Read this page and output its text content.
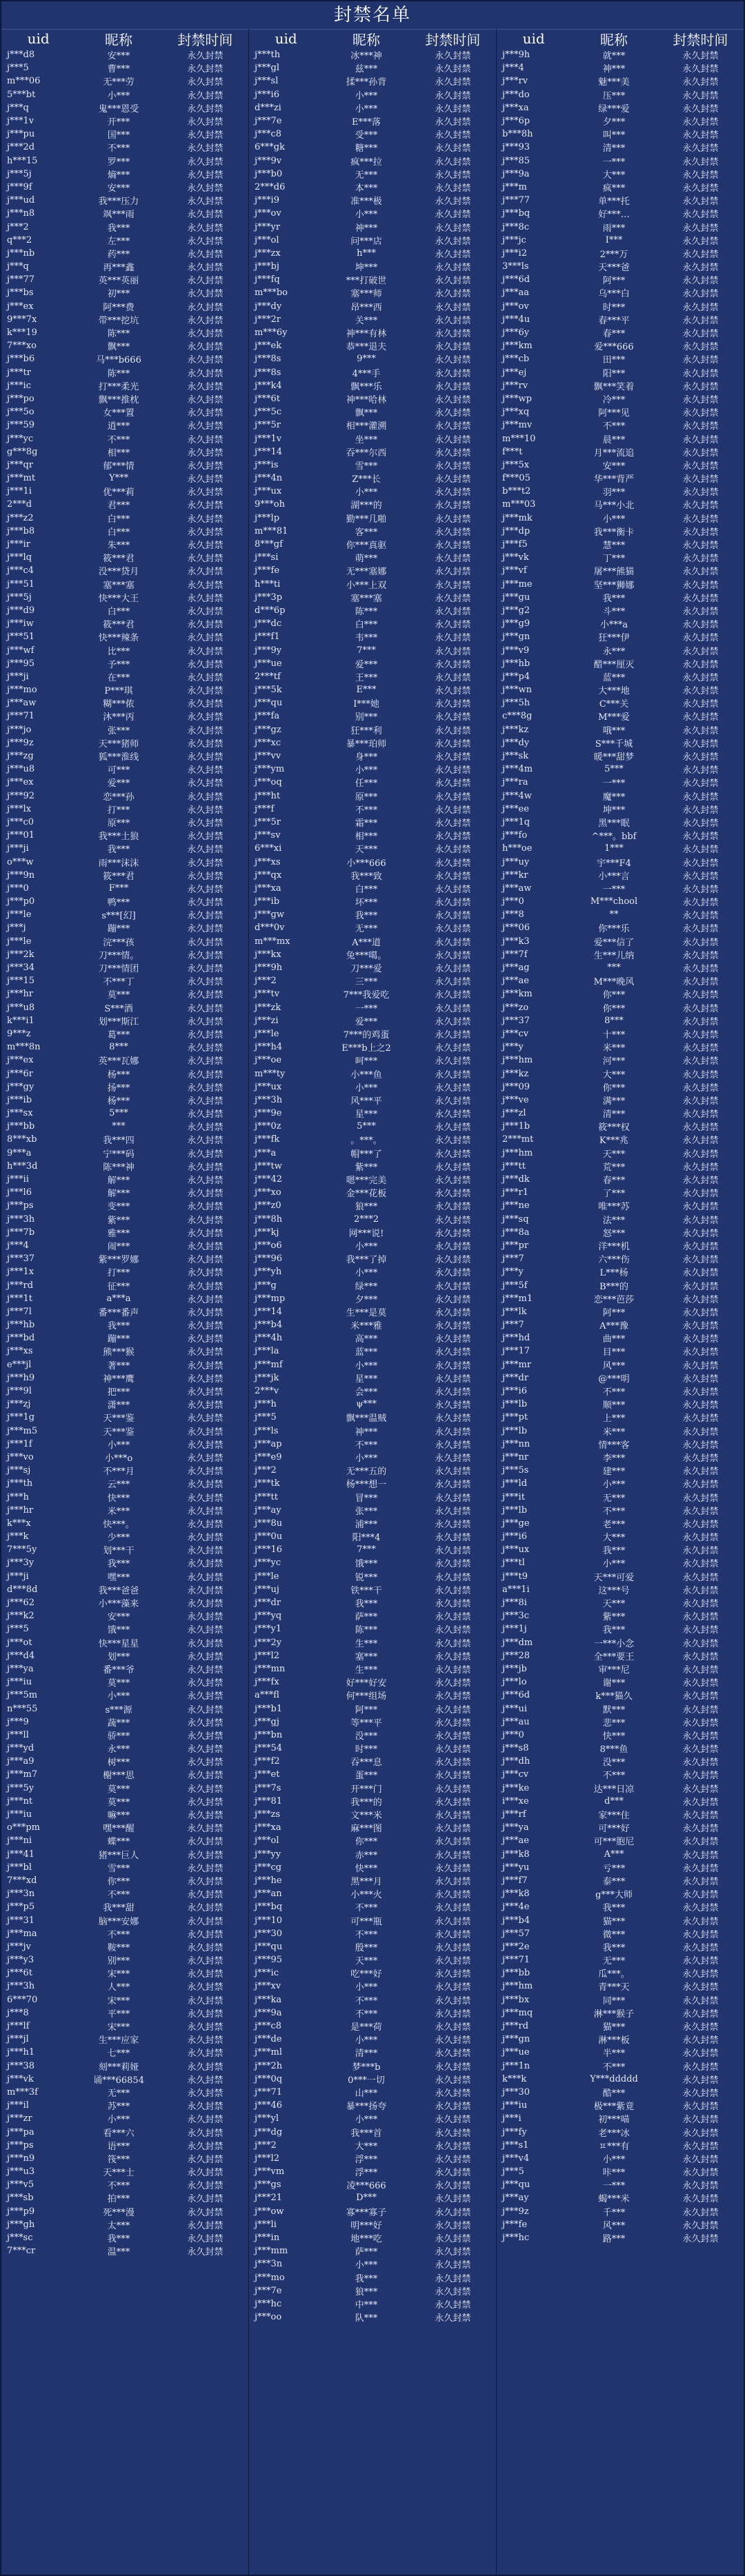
封禁名单
uid	昵称	封禁时间
j***d8	安***	永久封禁
j***5	曹***	永久封禁
m***06	无***劳	永久封禁
5***bt	小***	永久封禁
j***q	鬼***恩受	永久封禁
j***1v	开***	永久封禁
j***pu	国***	永久封禁
j***2d	不***	永久封禁
h***15	罗***	永久封禁
j***5j	熵***	永久封禁
j***9f	安***	永久封禁
j***ud	我***压力	永久封禁
j***n8	飒***雨	永久封禁
j***2	我***	永久封禁
q***2	左***	永久封禁
j***nb	药***	永久封禁
j***q	再***鑫	永久封禁
j***77	英***英丽	永久封禁
j***bs	初***	永久封禁
j***ex	阿***费	永久封禁
9***7x	带***挖坑	永久封禁
k***19	陈***	永久封禁
7***xo	飘***	永久封禁
j***b6	马***b666	永久封禁
j***tr	陈***	永久封禁
j***ic	打***柔光	永久封禁
j***po	飘***推枕	永久封禁
j***5o	女***置	永久封禁
j***59	逍***	永久封禁
j***yc	不***	永久封禁
g***8g	相***	永久封禁
j***qr	郁***情	永久封禁
j***mt	Y***	永久封禁
j***1i	优***莉	永久封禁
2***d	君***	永久封禁
j***z2	白***	永久封禁
j***b8	白***	永久封禁
j***ir	朱***	永久封禁
j***lq	筱***君	永久封禁
j***c4	没***贷月	永久封禁
j***51	塞***塞	永久封禁
j***5j	快***大王	永久封禁
j***d9	白***	永久封禁
j***iw	筱***君	永久封禁
j***51	快***辣条	永久封禁
j***wf	比***	永久封禁
j***95	予***	永久封禁
j***ji	在***	永久封禁
j***mo	P***琪	永久封禁
j***aw	糊***侬	永久封禁
j***71	沐***丙	永久封禁
j***jo	张***	永久封禁
j***9z	天***猪师	永久封禁
j***zg	狐***淮线	永久封禁
j***u8	可***	永久封禁
j***ex	爱***	永久封禁
j***92	恋***孙	永久封禁
j***lx	打***	永久封禁
j***c0	原***	永久封禁
j***01	我***土狼	永久封禁
j***ji	我***	永久封禁
o***w	雨***沫沫	永久封禁
j***9n	筱***君	永久封禁
j***0	F***	永久封禁
j***p0	鸭***	永久封禁
j***le	s***[幻]	永久封禁
j***j	蹦***	永久封禁
j***le	浣***孩	永久封禁
j***2k	刀***情。	永久封禁
j***34	刀***情团	永久封禁
j***15	不***丁	永久封禁
j***hr	莫***	永久封禁
j***u8	S***酒	永久封禁
k***i1	划***斯江	永久封禁
9***z	葛***	永久封禁
m***8n	8***	永久封禁
j***ex	英***瓦娜	永久封禁
j***6r	杨***	永久封禁
j***gy	扬***	永久封禁
j***ib	杨***	永久封禁
j***sx	5***	永久封禁
j***bb	***	永久封禁
8***xb	我***四	永久封禁
9***a	宁***码	永久封禁
h***3d	陈***神	永久封禁
j***ii	解***	永久封禁
j***l6	解***	永久封禁
j***ps	变***	永久封禁
j***3h	紫***	永久封禁
j***7b	雅***	永久封禁
j***4	闹***	永久封禁
j***37	紫***罗娜	永久封禁
j***1x	打***	永久封禁
j***rd	征***	永久封禁
j***1t	a***a	永久封禁
j***7l	番***番声	永久封禁
j***hb	我***	永久封禁
j***bd	蹦***	永久封禁
j***xs	熊***猴	永久封禁
e***jl	著***	永久封禁
j***h9	神***鹰	永久封禁
j***9l	把***	永久封禁
j***zj	潇***	永久封禁
j***1g	天***鉴	永久封禁
j***m5	天***鉴	永久封禁
j***1f	小***	永久封禁
j***vo	小***o	永久封禁
j***sj	不***月	永久封禁
j***th	云***	永久封禁
j***h	快***	永久封禁
j***hr	米***	永久封禁
k***x	快***。	永久封禁
j***k	少***	永久封禁
7***5y	划***干	永久封禁
j***3y	我***	永久封禁
j***ji	嘿***	永久封禁
d***8d	我***爸爸	永久封禁
j***62	小***藻来	永久封禁
j***k2	安***	永久封禁
j***5	饿***	永久封禁
j***ot	快***星星	永久封禁
j***d4	划***	永久封禁
j***ya	番***爷	永久封禁
j***iu	莫***	永久封禁
j***5m	小***	永久封禁
n***55	s***源	永久封禁
j***9	蔬***	永久封禁
j***ll	骄***	永久封禁
j***yd	永***	永久封禁
j***a9	树***	永久封禁
j***m7	榭***思	永久封禁
j***5y	莫***	永久封禁
j***nt	莫***	永久封禁
j***iu	嘛***	永久封禁
o***pm	嘿***醒	永久封禁
j***ni	蝶***	永久封禁
j***41	猪***巨人	永久封禁
j***bl	雪***	永久封禁
7***xd	你***	永久封禁
j***3n	不***	永久封禁
j***p5	我***甜	永久封禁
j***31	脑***安娜	永久封禁
j***ma	不***	永久封禁
j***jv	鞍***	永久封禁
j***y3	别***	永久封禁
j***6t	宋***	永久封禁
j***3h	人***	永久封禁
6***70	宋***	永久封禁
j***8	平***	永久封禁
j***lf	宋***	永久封禁
j***jl	生***应家	永久封禁
j***h1	七***	永久封禁
j***38	刻***莉娅	永久封禁
j***vk	诵***66854	永久封禁
m***3f	无***	永久封禁
j***il	苏***	永久封禁
j***zr	小***	永久封禁
j***pa	看***六	永久封禁
j***ps	语***	永久封禁
j***n9	筏***	永久封禁
j***u3	天***士	永久封禁
j***v5	不***	永久封禁
j***sb	拍***	永久封禁
j***p9	死***漫	永久封禁
j***gh	太***	永久封禁
j***sc	我***	永久封禁
7***cr	温***	永久封禁
uid	昵称	封禁时间
j***th	冰***神	永久封禁
j***gl	兹***	永久封禁
j***sl	揉***孙背	永久封禁
j***i6	小***	永久封禁
d***zi	小***	永久封禁
j***7e	E***落	永久封禁
j***c8	受***	永久封禁
6***gk	糖***	永久封禁
j***9v	疯***拉	永久封禁
j***b0	无***	永久封禁
2***d6	本***	永久封禁
j***i9	准***极	永久封禁
j***ov	小***	永久封禁
j***yr	神***	永久封禁
j***ol	问***店	永久封禁
j***zx	h***	永久封禁
j***bj	坤***	永久封禁
j***fq	***打破世	永久封禁
m***bo	塞***师	永久封禁
j***dy	昂***西	永久封禁
j***2r	关***	永久封禁
m***6y	神***有林	永久封禁
j***ek	恭***退夫	永久封禁
j***8s	9***	永久封禁
j***8s	4***手	永久封禁
j***k4	飘***乐	永久封禁
j***6t	神***哈林	永久封禁
j***5c	飘***	永久封禁
j***5r	相***灌溯	永久封禁
j***1v	坐***	永久封禁
j***14	吞***尔西	永久封禁
j***is	雪***	永久封禁
j***4n	Z***长	永久封禁
j***ux	小***	永久封禁
9***oh	湖***的	永久封禁
j***lp	勤***几啪	永久封禁
m***81	客***	永久封禁
8***gf	你***真驱	永久封禁
j***si	萌***	永久封禁
j***fe	无***塞娜	永久封禁
h***ti	小***上双	永久封禁
j***3p	塞***塞	永久封禁
d***6p	陈***	永久封禁
j***dc	白***	永久封禁
j***f1	韦***	永久封禁
j***9y	7***	永久封禁
j***ue	爱***	永久封禁
2***tf	王***	永久封禁
j***5k	E***	永久封禁
j***qu	I***她	永久封禁
j***fa	别***	永久封禁
j***gz	狂***利	永久封禁
j***xc	暴***珀师	永久封禁
j***vv	身***	永久封禁
j***ym	小***	永久封禁
j***oq	任***	永久封禁
j***ht	原***	永久封禁
j***f	不***	永久封禁
j***5r	霜***	永久封禁
j***sv	相***	永久封禁
6***xi	天***	永久封禁
j***xs	小***666	永久封禁
j***qx	我***致	永久封禁
j***xa	白***	永久封禁
j***ib	坏***	永久封禁
j***gw	我***	永久封禁
d***0v	无***	永久封禁
m***mx	A***道	永久封禁
j***kx	兔***噶。	永久封禁
j***9h	刀***爱	永久封禁
j***2	三***	永久封禁
j***tv	7***我爱吃	永久封禁
j***zk	一***	永久封禁
j***zi	爱***	永久封禁
j***le	7***的鸡蛋	永久封禁
j***h4	E***b上之2	永久封禁
j***oe	呵***	永久封禁
m***ty	小***鱼	永久封禁
j***ux	小***	永久封禁
j***3h	风***平	永久封禁
j***9e	星***	永久封禁
j***0z	5***	永久封禁
j***fk	。***。	永久封禁
j***a	帽***了	永久封禁
j***tw	紫***	永久封禁
j***42	嗯***完美	永久封禁
j***xo	金***花板	永久封禁
j***z0	狼***	永久封禁
j***8h	2***2	永久封禁
j***kj	网***说!	永久封禁
j***o6	小***	永久封禁
j***96	我***了掉	永久封禁
j***yh	小***	永久封禁
j***g	绿***	永久封禁
j***mp	夕***	永久封禁
j***14	生***是莫	永久封禁
j***b4	米***雅	永久封禁
j***4h	高***	永久封禁
j***la	蓝***	永久封禁
j***mf	小***	永久封禁
j***jk	星***	永久封禁
2***v	会***	永久封禁
j***h	ψ***	永久封禁
j***5	飘***温贼	永久封禁
j***ls	神***	永久封禁
j***ap	不***	永久封禁
j***e9	小***	永久封禁
j***2	无***五的	永久封禁
j***tk	杨***想一	永久封禁
j***tt	冒***	永久封禁
j***ay	张***	永久封禁
j***8u	浦***	永久封禁
j***0u	阳***4	永久封禁
j***16	7***	永久封禁
j***yc	饿***	永久封禁
j***le	锐***	永久封禁
j***uj	铁***干	永久封禁
j***dr	我***	永久封禁
j***yq	萨***	永久封禁
j***y1	陈***	永久封禁
j***2y	生***	永久封禁
j***l2	塞***	永久封禁
j***mn	生***	永久封禁
j***fx	好***好安	永久封禁
a***fl	何***组场	永久封禁
j***b1	阿***	永久封禁
j***gj	等***平	永久封禁
j***bn	没***	永久封禁
j***54	时***	永久封禁
j***f2	吞***息	永久封禁
j***et	蛋***	永久封禁
j***7s	开***门	永久封禁
j***81	我***的	永久封禁
j***zs	文***米	永久封禁
j***xa	麻***图	永久封禁
j***ol	你***	永久封禁
j***yy	赤***	永久封禁
j***cg	快***	永久封禁
j***he	黑***月	永久封禁
j***an	小***火	永久封禁
j***bq	不***	永久封禁
j***10	可***瓶	永久封禁
j***30	不***	永久封禁
j***qu	殷***	永久封禁
j***95	天***	永久封禁
j***ic	吃***好	永久封禁
j***xv	小***	永久封禁
j***ka	不***	永久封禁
j***9a	不***	永久封禁
j***c8	是***荷	永久封禁
j***de	小***	永久封禁
j***ml	清***	永久封禁
j***2h	梦***b	永久封禁
j***0q	0***一切	永久封禁
j***71	山***	永久封禁
j***46	暴***扬夸	永久封禁
j***yl	小***	永久封禁
j***dg	我***首	永久封禁
j***2	大***	永久封禁
j***l2	浮***	永久封禁
j***vm	浮***	永久封禁
j***gs	凌***666	永久封禁
j***21	D***	永久封禁
j***ow	寡***寡子	永久封禁
j***li	明***好	永久封禁
j***in	地***吃	永久封禁
j***mm	萨***	永久封禁
j***3n	小***	永久封禁
j***mo	我***	永久封禁
j***7e	狼***	永久封禁
j***hc	中***	永久封禁
j***oo	队***	永久封禁
uid	昵称	封禁时间
j***9h	就***	永久封禁
j***4	神***	永久封禁
j***rv	魅***美	永久封禁
j***do	压***	永久封禁
j***xa	绿***爱	永久封禁
j***6p	夕***	永久封禁
b***8h	叫***	永久封禁
j***93	清***	永久封禁
j***85	一***	永久封禁
j***9a	大***	永久封禁
j***m	疯***	永久封禁
j***77	单***托	永久封禁
j***bq	好***…	永久封禁
j***8c	雨***	永久封禁
j***jc	I***	永久封禁
j***i2	2***万	永久封禁
3***ls	天***爸	永久封禁
j***6d	阿***	永久封禁
j***aa	乌***白	永久封禁
j***ov	时***	永久封禁
j***4u	春***平	永久封禁
j***6y	春***	永久封禁
j***km	爱***666	永久封禁
j***cb	田***	永久封禁
j***ej	阳***	永久封禁
j***rv	飘***笑着	永久封禁
j***wp	冷***	永久封禁
j***xq	阿***见	永久封禁
j***mv	不***	永久封禁
m***10	晨***	永久封禁
f***t	月***流追	永久封禁
j***5x	安***	永久封禁
f***05	华***背严	永久封禁
b***t2	羽***	永久封禁
m***03	马***小北	永久封禁
j***mk	小***	永久封禁
j***dp	我***衡卡	永久封禁
j***f5	慧***	永久封禁
j***vk	丁***	永久封禁
j***vf	屠***熊猫	永久封禁
j***me	坚***狮娜	永久封禁
j***gu	我***	永久封禁
j***g2	斗***	永久封禁
j***g9	小***a	永久封禁
j***gn	狂***伊	永久封禁
j***v9	永***	永久封禁
j***hb	醋***厘灭	永久封禁
j***p4	蓝***	永久封禁
j***wn	大***地	永久封禁
j***5h	C***关	永久封禁
c***8g	M***爱	永久封禁
j***kz	哦***	永久封禁
j***dy	S***千城	永久封禁
j***sk	暖***甜梦	永久封禁
j***4m	5***	永久封禁
j***ra	一***	永久封禁
j***4w	魔***	永久封禁
j***ee	坤***	永久封禁
j***1q	黑***眠	永久封禁
j***fo	^***。bbf	永久封禁
h***oe	1***	永久封禁
j***uy	宇***F4	永久封禁
j***kr	小***言	永久封禁
j***aw	一***	永久封禁
j***0	M***chool	永久封禁
j***8	**	永久封禁
j***06	你***乐	永久封禁
j***k3	爱***信了	永久封禁
j***7f	生***儿纳	永久封禁
j***ag	***	永久封禁
j***ae	M***晚风	永久封禁
j***km	你***	永久封禁
j***zo	你***	永久封禁
j***37	8***	永久封禁
j***cv	十***	永久封禁
j***y	米***	永久封禁
j***hm	河***	永久封禁
j***kz	大***	永久封禁
j***09	你***	永久封禁
j***ve	满***	永久封禁
j***zl	清***	永久封禁
j***1b	筱***权	永久封禁
2***mt	K***兆	永久封禁
j***hm	天***	永久封禁
j***tt	荒***	永久封禁
j***dk	春***	永久封禁
j***r1	了***	永久封禁
j***ne	唯***苏	永久封禁
j***sq	法***	永久封禁
j***8a	怒***	永久封禁
j***pr	洋***机	永久封禁
j***7	六***伤	永久封禁
j***y	L***杨	永久封禁
j***5f	B***的	永久封禁
j***m1	恋***芭莎	永久封禁
j***lk	阿***	永久封禁
j***7	A***豫	永久封禁
j***hd	曲***	永久封禁
j***17	目***	永久封禁
j***mr	风***	永久封禁
j***dr	@***明	永久封禁
j***i6	不***	永久封禁
j***lb	顺***	永久封禁
j***pt	上***	永久封禁
j***lb	米***	永久封禁
j***nn	情***客	永久封禁
j***nr	李***	永久封禁
j***5s	建***	永久封禁
j***ld	小***	永久封禁
j***it	无***	永久封禁
j***lb	不***	永久封禁
j***ge	老***	永久封禁
j***i6	大***	永久封禁
j***ux	我***	永久封禁
j***tl	小***	永久封禁
j***t9	天***可爱	永久封禁
a***1i	这***号	永久封禁
j***8i	天***	永久封禁
j***3c	紫***	永久封禁
j***1j	我***	永久封禁
j***dm	一***小念	永久封禁
j***28	全***要王	永久封禁
j***jb	审***尼	永久封禁
j***lo	谢***	永久封禁
j***6d	k***猫久	永久封禁
j***ui	默***	永久封禁
j***au	悲***	永久封禁
j***0	快***	永久封禁
j***s8	8***鱼	永久封禁
j***dh	没***	永久封禁
j***cv	不***	永久封禁
j***ke	达***日凉	永久封禁
i***xe	d***	永久封禁
j***rf	家***住	永久封禁
j***ya	可***好	永久封禁
j***ae	可***胞尼	永久封禁
j***k8	A***	永久封禁
j***yu	亏***	永久封禁
j***f7	泰***	永久封禁
j***k8	g***大师	永久封禁
j***4e	我***	永久封禁
j***b4	猫***	永久封禁
j***57	微***	永久封禁
j***2e	我***	永久封禁
j***71	无***	永久封禁
j***bb	瓜***。	永久封禁
j***hm	青***天	永久封禁
j***bx	同***	永久封禁
j***mq	淋***猴子	永久封禁
j***rd	猫***	永久封禁
j***gn	淋***板	永久封禁
j***ue	半***	永久封禁
j***1n	不***	永久封禁
k***k	Y***ddddd	永久封禁
j***30	酷***	永久封禁
j***iu	极***紫竟	永久封禁
j***i	初***喵	永久封禁
j***fy	老***冰	永久封禁
j***s1	ㅍ***有	永久封禁
j***v4	小***	永久封禁
j***5	咔***	永久封禁
j***qu	一***	永久封禁
j***ay	蝎***米	永久封禁
j***9z	千***	永久封禁
j***fe	风***	永久封禁
j***hc	路***	永久封禁
